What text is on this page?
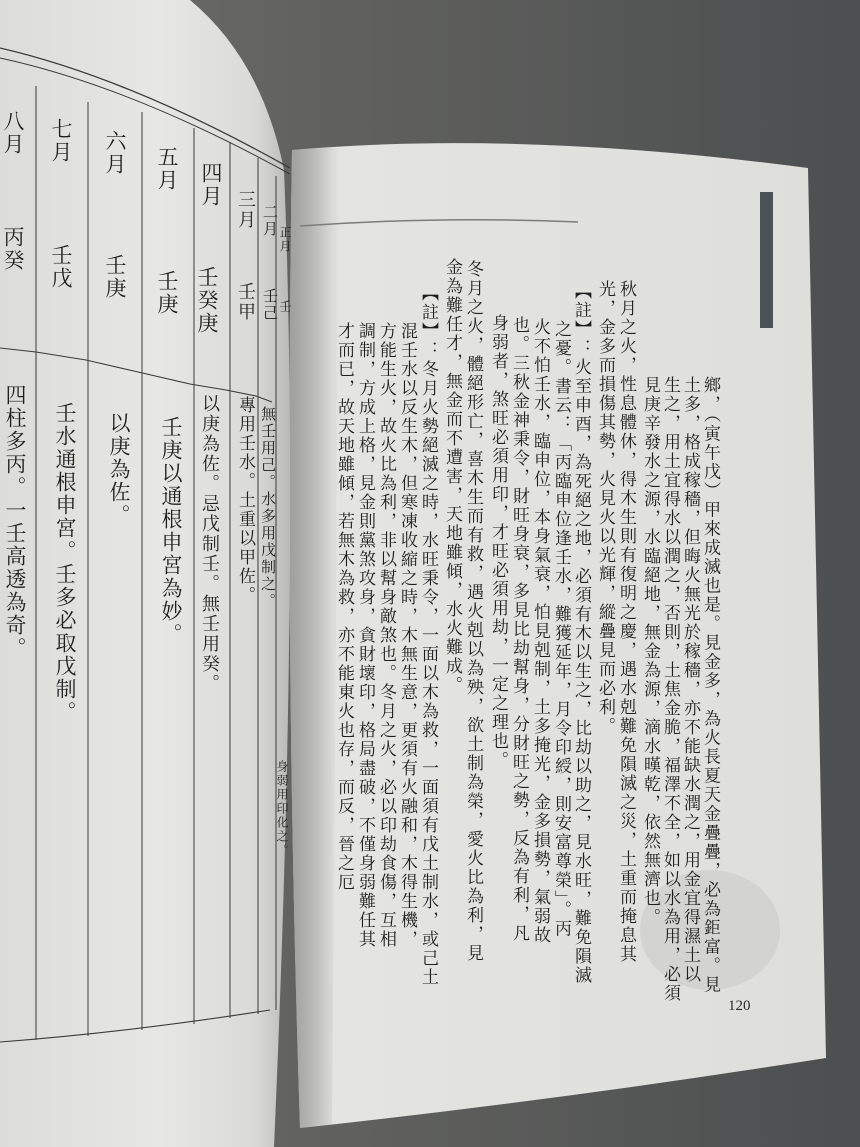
120
鄉，（寅午戊）甲來成滅也是。見金多，為火長夏天金疊疊，必為鉅富。見
土多，格成稼穡，但晦火無光於稼穡，亦不能缺水潤之，用金宜得濕土以
生之，用土宜得水以潤之，否則，土焦金脆，福澤不全，如以水為用，必須
見庚辛發水之源，水臨絕地，無金為源，滴水暵乾，依然無濟也。
秋月之火，性息體休，得木生則有復明之慶，遇水剋難免隕滅之災，土重而掩息其
光，金多而損傷其勢，火見火以光輝，縱疊見而必利。
【註】：火至申酉，為死絕之地，必須有木以生之，比劫以助之，見水旺，難免隕滅
之憂。書云：「丙臨申位逢壬水，難獲延年，月令印綬，則安富尊榮」。丙
火不怕壬水，臨申位，本身氣衰，怕見剋制，土多掩光，金多損勢，氣弱故
也。三秋金神秉令，財旺身衰，多見比劫幫身，分財旺之勢，反為有利，凡
身弱者，煞旺必須用印，才旺必須用劫，一定之理也。
冬月之火，體絕形亡，喜木生而有救，遇火剋以為殃，欲土制為榮，愛火比為利，見
金為難任才，無金而不遭害，天地雖傾，水火難成。
【註】：冬月火勢絕滅之時，水旺秉令，一面以木為救，一面須有戊土制水，或己土
混壬水以反生木，但寒凍收縮之時，木無生意，更須有火融和，木得生機，
方能生火，故火比為利，非以幫身敵煞也。冬月之火，必以印劫食傷，互相
調制，方成上格，見金則黨煞攻身，貪財壞印，格局盡破，不僅身弱難任其
才而已，故天地雖傾，若無木為救，亦不能東火也存，而反，晉之厄
八月
丙癸
四柱多丙。一壬高透為奇。
七月
壬戊
壬水通根申宮。壬多必取戊制。
六月
壬庚
以庚為佐。
五月
壬庚
壬庚以通根申宮為妙。
四月
壬癸庚
以庚為佐。忌戊制壬。無壬用癸。
三月
壬甲
專用壬水。土重以甲佐。
二月
壬己
無壬用己。水多用戊制之。
正月
壬
身弱用印化之。
